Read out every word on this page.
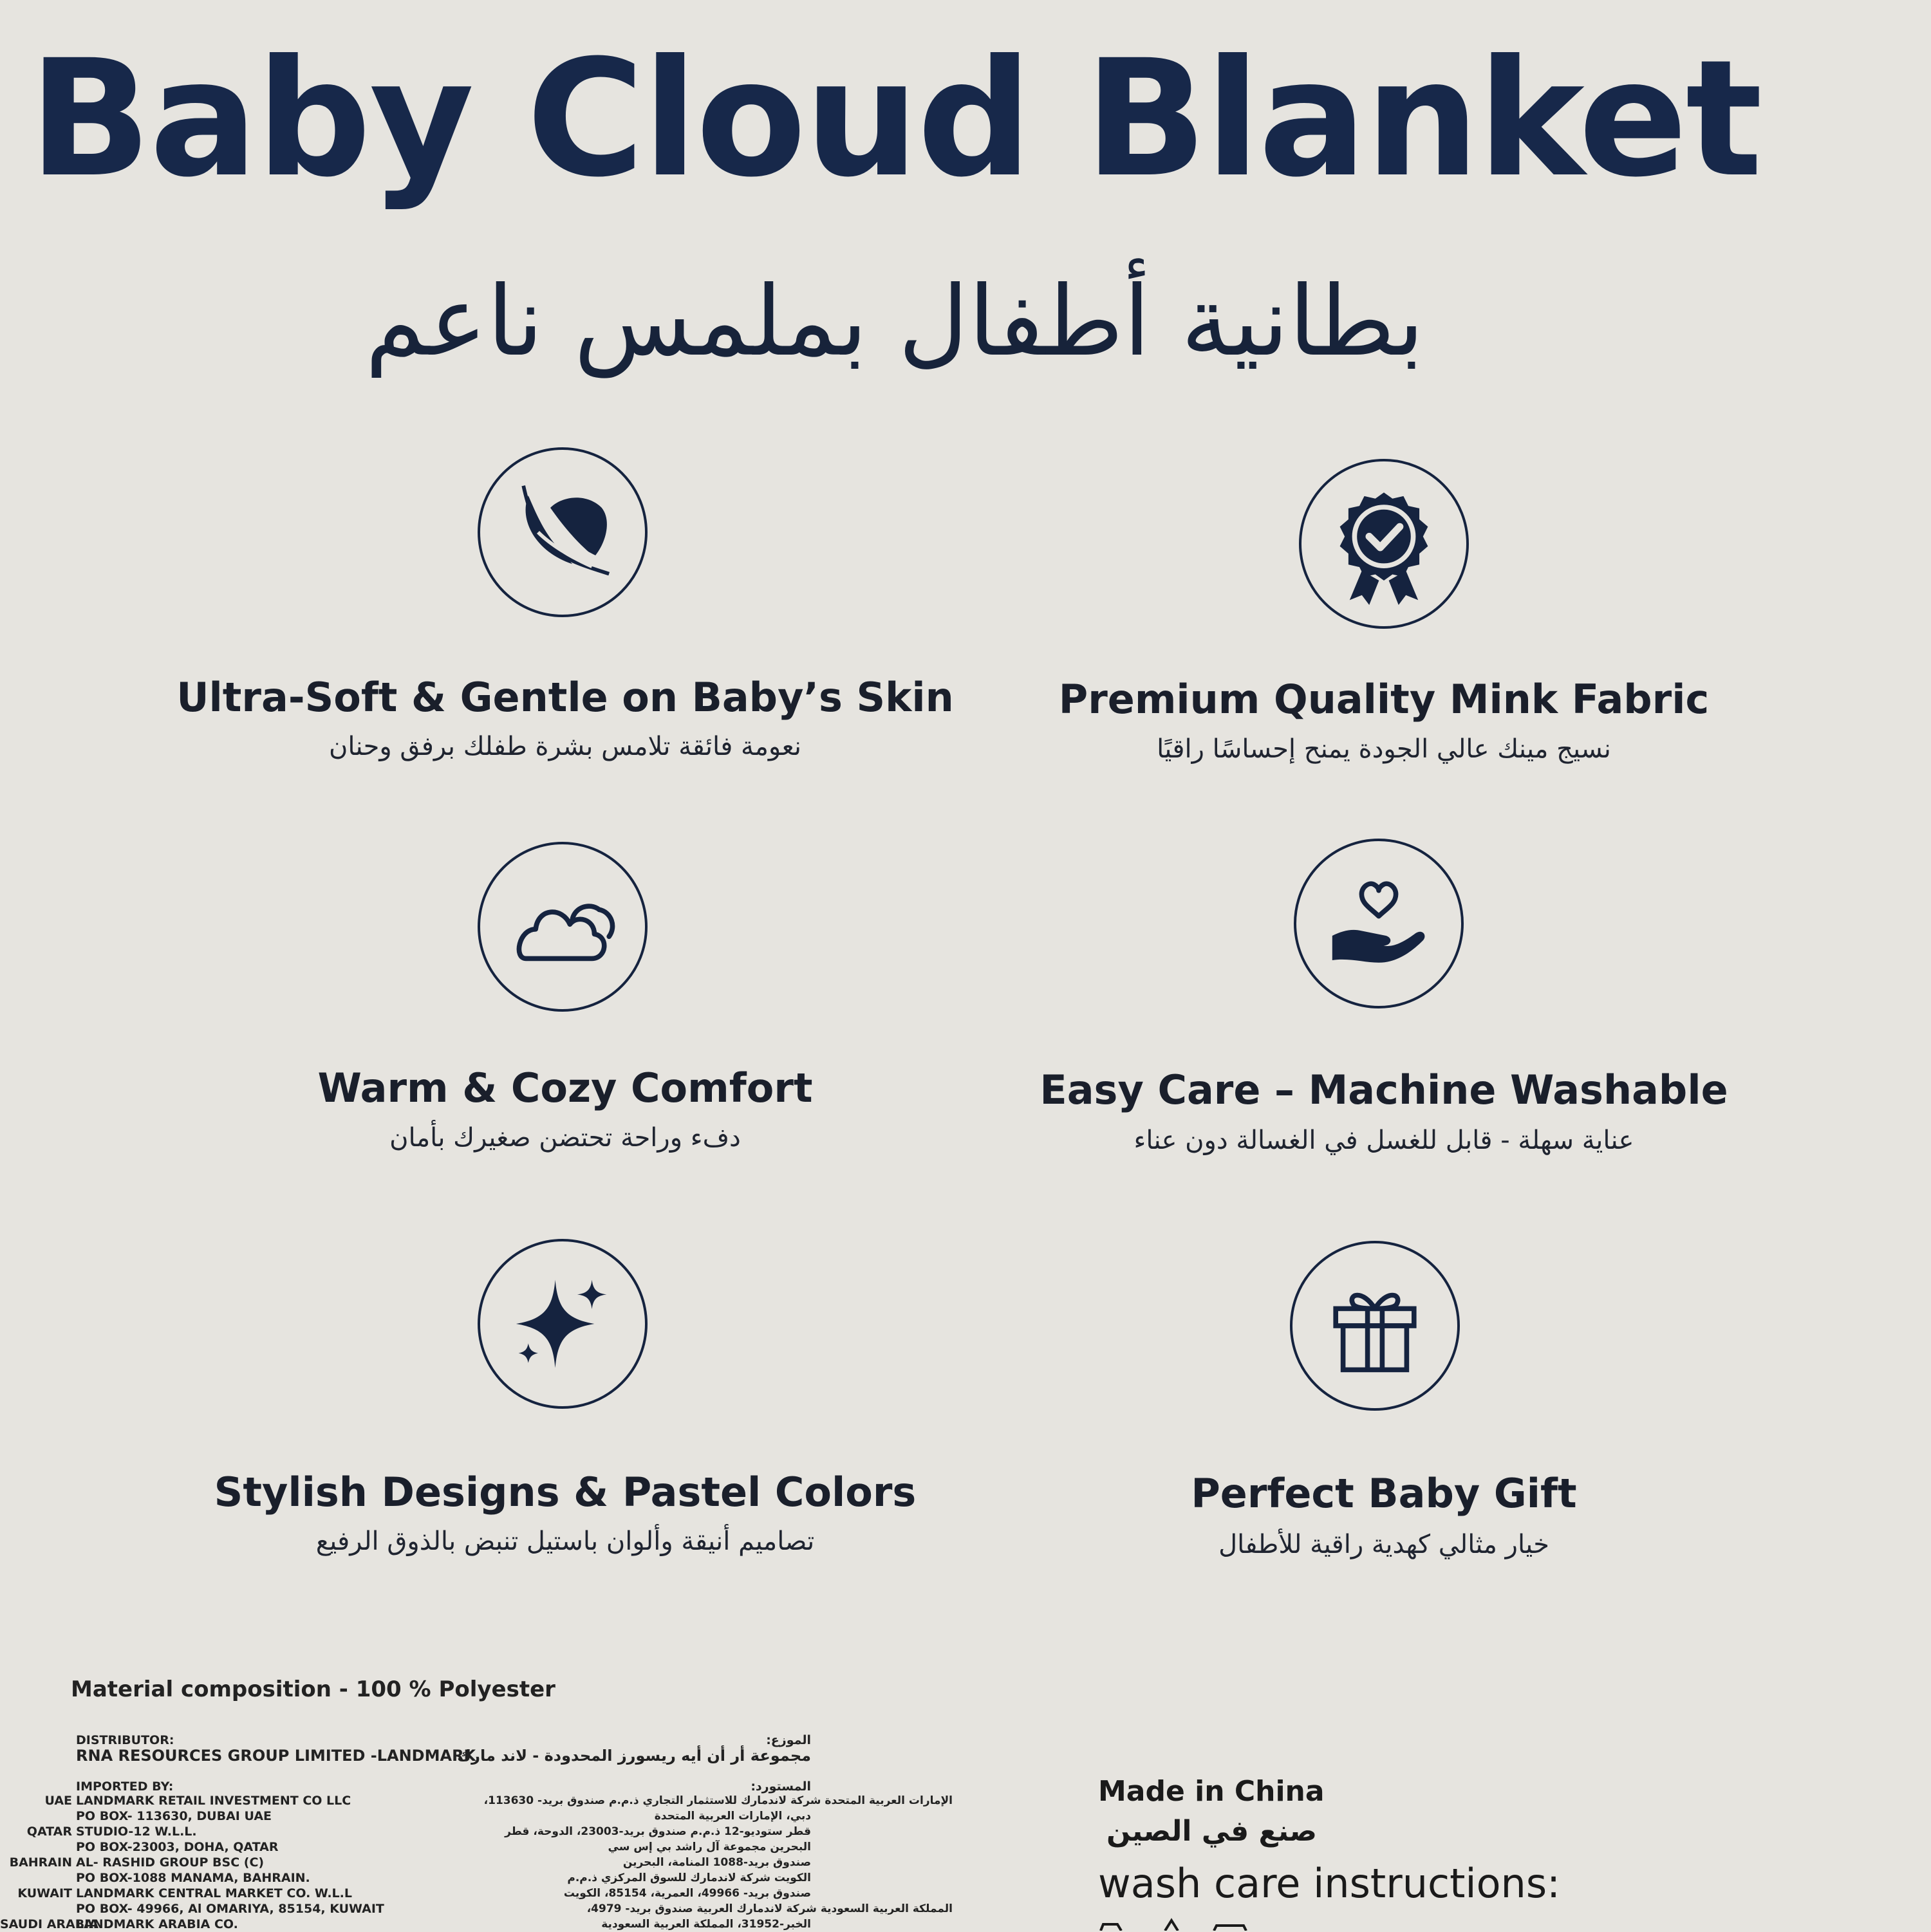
Baby Cloud Blanket
بطانية أطفال بملمس ناعم
Ultra-Soft & Gentle on Baby’s Skin
نعومة فائقة تلامس بشرة طفلك برفق وحنان
Premium Quality Mink Fabric
نسيج مينك عالي الجودة يمنح إحساسًا راقيًا
Warm & Cozy Comfort
دفء وراحة تحتضن صغيرك بأمان
Easy Care – Machine Washable
عناية سهلة - قابل للغسل في الغسالة دون عناء
Stylish Designs & Pastel Colors
تصاميم أنيقة وألوان باستيل تنبض بالذوق الرفيع
Perfect Baby Gift
خيار مثالي كهدية راقية للأطفال
Material composition - 100 % Polyester
DISTRIBUTOR:
RNA RESOURCES GROUP LIMITED -LANDMARK
الموزع:
مجموعة أر أن أيه ريسورز المحدودة - لاند مارك
IMPORTED BY:
UAE LANDMARK RETAIL INVESTMENT CO LLC
PO BOX- 113630, DUBAI UAE
QATAR STUDIO-12 W.L.L.
PO BOX-23003, DOHA, QATAR
BAHRAIN AL- RASHID GROUP BSC (C)
PO BOX-1088 MANAMA, BAHRAIN.
KUWAIT LANDMARK CENTRAL MARKET CO. W.L.L
PO BOX- 49966, Al OMARIYA, 85154, KUWAIT
SAUDI ARABIA
LANDMARK ARABIA CO.
المستورد:
الإمارات العربية المتحدة شركة لاندمارك للاستثمار التجاري ذ.م.م صندوق بريد- 113630،
دبي، الإمارات العربية المتحدة
قطر ستوديو-12 ذ.م.م صندوق بريد-23003، الدوحة، قطر
البحرين مجموعة آل راشد بي إس سي
صندوق بريد-1088 المنامة، البحرين
الكويت شركة لاندمارك للسوق المركزي ذ.م.م
صندوق بريد- 49966، العمرية، 85154، الكويت
المملكة العربية السعودية شركة لاندمارك العربية صندوق بريد- 4979،
الخبر-31952، المملكة العربية السعودية
Made in China
صنع في الصين
wash care instructions:
